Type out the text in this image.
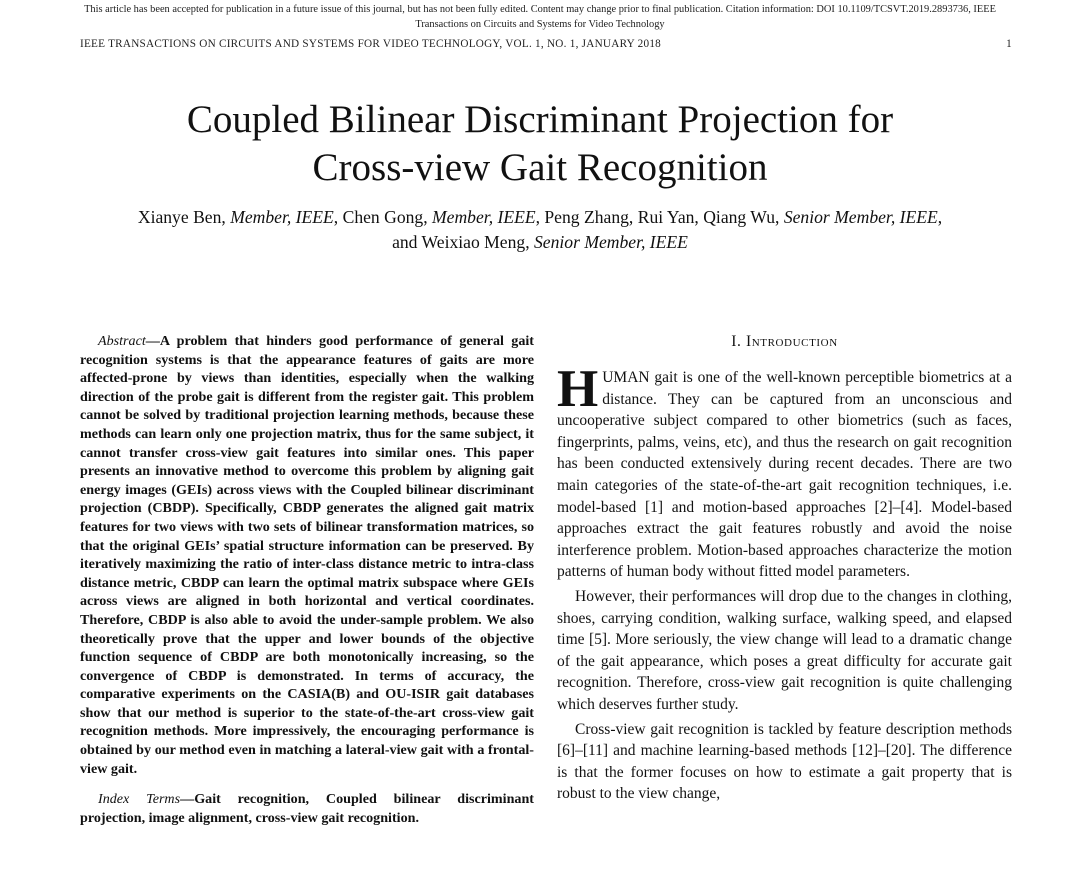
This article has been accepted for publication in a future issue of this journal, but has not been fully edited. Content may change prior to final publication. Citation information: DOI 10.1109/TCSVT.2019.2893736, IEEE
Transactions on Circuits and Systems for Video Technology
IEEE TRANSACTIONS ON CIRCUITS AND SYSTEMS FOR VIDEO TECHNOLOGY, VOL. 1, NO. 1, JANUARY 2018	1
Coupled Bilinear Discriminant Projection for
Cross-view Gait Recognition
Xianye Ben, Member, IEEE, Chen Gong, Member, IEEE, Peng Zhang, Rui Yan, Qiang Wu, Senior Member, IEEE,
and Weixiao Meng, Senior Member, IEEE

Abstract—A problem that hinders good performance of general gait recognition systems is that the appearance features of gaits are more affected-prone by views than identities, especially when the walking direction of the probe gait is different from the register gait. This problem cannot be solved by traditional projection learning methods, because these methods can learn only one projection matrix, thus for the same subject, it cannot transfer cross-view gait features into similar ones. This paper presents an innovative method to overcome this problem by aligning gait energy images (GEIs) across views with the Coupled bilinear discriminant projection (CBDP). Specifically, CBDP generates the aligned gait matrix features for two views with two sets of bilinear transformation matrices, so that the original GEIs’ spatial structure information can be preserved. By iteratively maximizing the ratio of inter-class distance metric to intra-class distance metric, CBDP can learn the optimal matrix subspace where GEIs across views are aligned in both horizontal and vertical coordinates. Therefore, CBDP is also able to avoid the under-sample problem. We also theoretically prove that the upper and lower bounds of the objective function sequence of CBDP are both monotonically increasing, so the convergence of CBDP is demonstrated. In terms of accuracy, the comparative experiments on the CASIA(B) and OU-ISIR gait databases show that our method is superior to the state-of-the-art cross-view gait recognition methods. More impressively, the encouraging performance is obtained by our method even in matching a lateral-view gait with a frontal-view gait.

Index Terms—Gait recognition, Coupled bilinear discriminant projection, image alignment, cross-view gait recognition.

I. Introduction

HUMAN gait is one of the well-known perceptible biometrics at a distance. They can be captured from an unconscious and uncooperative subject compared to other biometrics (such as faces, fingerprints, palms, veins, etc), and thus the research on gait recognition has been conducted extensively during recent decades. There are two main categories of the state-of-the-art gait recognition techniques, i.e. model-based [1] and motion-based approaches [2]–[4]. Model-based approaches extract the gait features robustly and avoid the noise interference problem. Motion-based approaches characterize the motion patterns of human body without fitted model parameters.

However, their performances will drop due to the changes in clothing, shoes, carrying condition, walking surface, walking speed, and elapsed time [5]. More seriously, the view change will lead to a dramatic change of the gait appearance, which poses a great difficulty for accurate gait recognition. Therefore, cross-view gait recognition is quite challenging which deserves further study.

Cross-view gait recognition is tackled by feature description methods [6]–[11] and machine learning-based methods [12]–[20]. The difference is that the former focuses on how to estimate a gait property that is robust to the view change,
